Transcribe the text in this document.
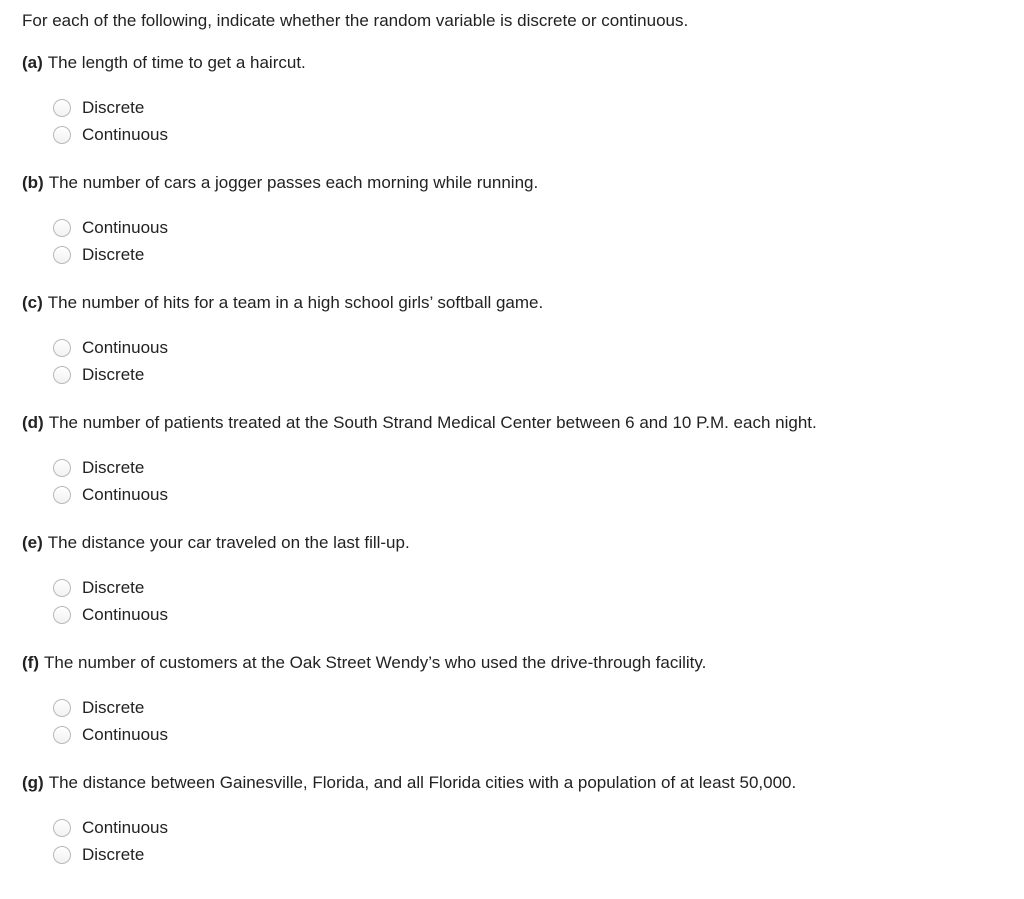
For each of the following, indicate whether the random variable is discrete or continuous.
(a) The length of time to get a haircut.
Discrete
Continuous
(b) The number of cars a jogger passes each morning while running.
Continuous
Discrete
(c) The number of hits for a team in a high school girls’ softball game.
Continuous
Discrete
(d) The number of patients treated at the South Strand Medical Center between 6 and 10 P.M. each night.
Discrete
Continuous
(e) The distance your car traveled on the last fill-up.
Discrete
Continuous
(f) The number of customers at the Oak Street Wendy’s who used the drive-through facility.
Discrete
Continuous
(g) The distance between Gainesville, Florida, and all Florida cities with a population of at least 50,000.
Continuous
Discrete
